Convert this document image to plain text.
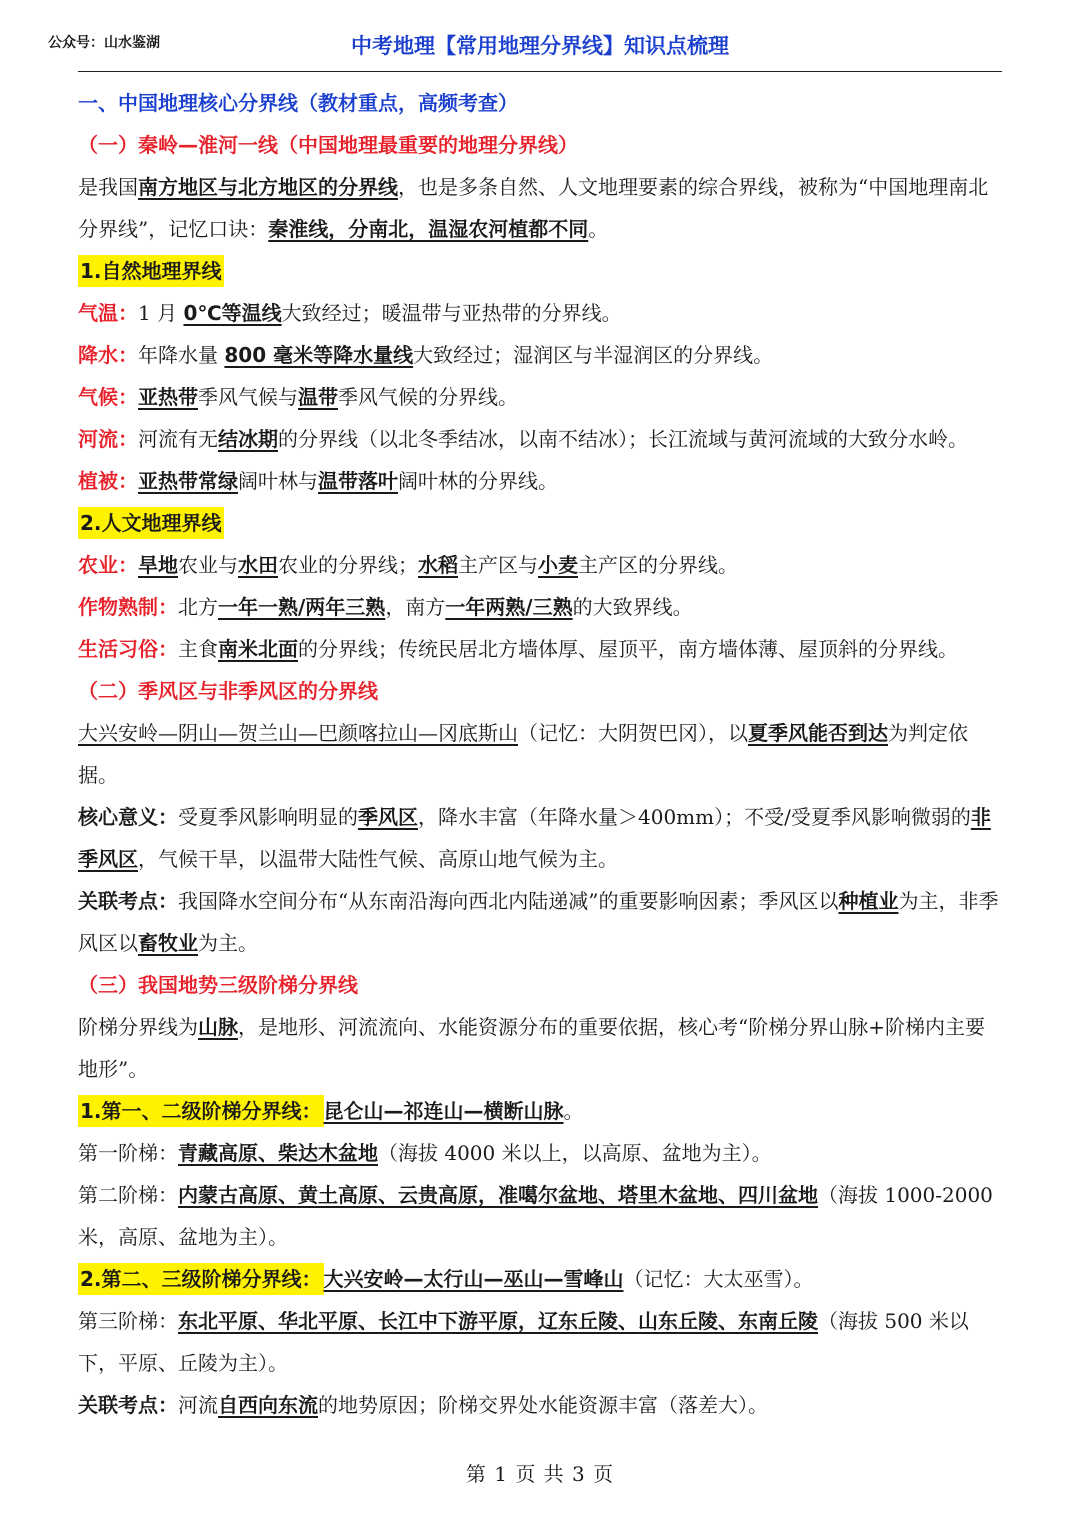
公众号：山水鉴湖	中考地理【常用地理分界线】知识点梳理

一、中国地理核心分界线（教材重点，高频考查）

（一）秦岭—淮河一线（中国地理最重要的地理分界线）

是我国南方地区与北方地区的分界线，也是多条自然、人文地理要素的综合界线，被称为“中国地理南北分界线”，记忆口诀：秦淮线，分南北，温湿农河植都不同。

1.自然地理界线

气温：1 月 0℃等温线大致经过；暖温带与亚热带的分界线。

降水：年降水量 800 毫米等降水量线大致经过；湿润区与半湿润区的分界线。

气候：亚热带季风气候与温带季风气候的分界线。

河流：河流有无结冰期的分界线（以北冬季结冰，以南不结冰）；长江流域与黄河流域的大致分水岭。

植被：亚热带常绿阔叶林与温带落叶阔叶林的分界线。

2.人文地理界线

农业：旱地农业与水田农业的分界线；水稻主产区与小麦主产区的分界线。

作物熟制：北方一年一熟/两年三熟，南方一年两熟/三熟的大致界线。

生活习俗：主食南米北面的分界线；传统民居北方墙体厚、屋顶平，南方墙体薄、屋顶斜的分界线。

（二）季风区与非季风区的分界线

大兴安岭—阴山—贺兰山—巴颜喀拉山—冈底斯山（记忆：大阴贺巴冈），以夏季风能否到达为判定依据。

核心意义：受夏季风影响明显的季风区，降水丰富（年降水量＞400mm）；不受/受夏季风影响微弱的非季风区，气候干旱，以温带大陆性气候、高原山地气候为主。

关联考点：我国降水空间分布“从东南沿海向西北内陆递减”的重要影响因素；季风区以种植业为主，非季风区以畜牧业为主。

（三）我国地势三级阶梯分界线

阶梯分界线为山脉，是地形、河流流向、水能资源分布的重要依据，核心考“阶梯分界山脉+阶梯内主要地形”。

1.第一、二级阶梯分界线： 昆仑山—祁连山—横断山脉。

第一阶梯：青藏高原、柴达木盆地（海拔 4000 米以上，以高原、盆地为主）。

第二阶梯：内蒙古高原、黄土高原、云贵高原，准噶尔盆地、塔里木盆地、四川盆地（海拔 1000-2000 米，高原、盆地为主）。

2.第二、三级阶梯分界线： 大兴安岭—太行山—巫山—雪峰山（记忆：大太巫雪）。

第三阶梯：东北平原、华北平原、长江中下游平原，辽东丘陵、山东丘陵、东南丘陵（海拔 500 米以下，平原、丘陵为主）。

关联考点：河流自西向东流的地势原因；阶梯交界处水能资源丰富（落差大）。

第 1 页 共 3 页
